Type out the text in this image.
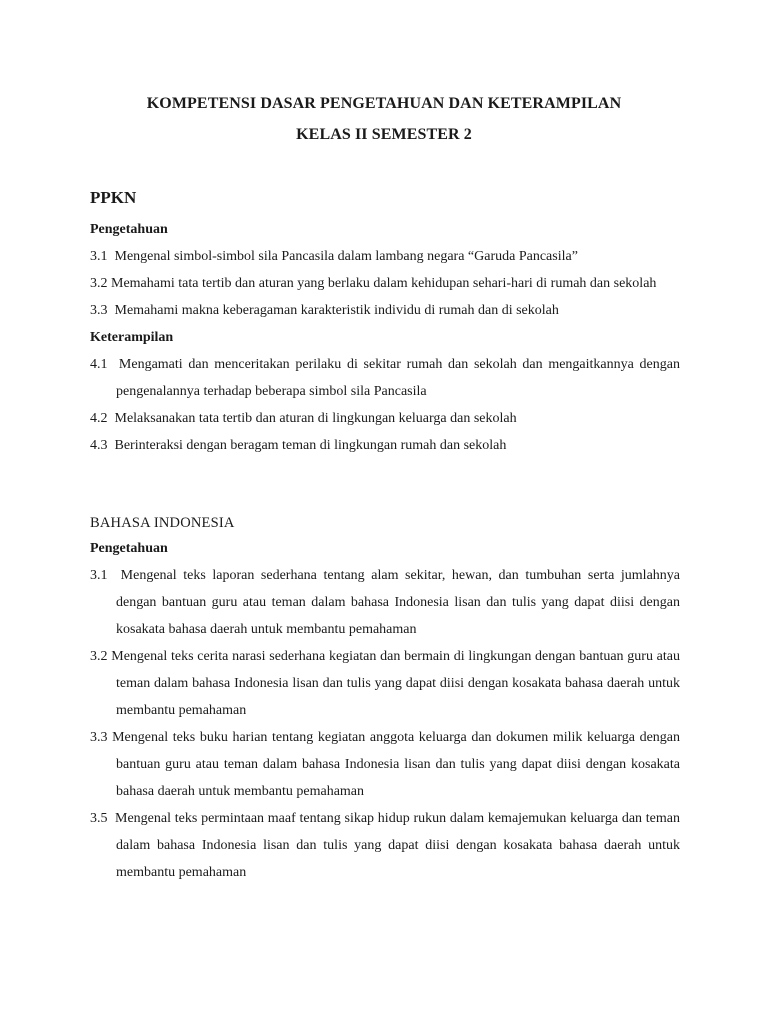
KOMPETENSI DASAR PENGETAHUAN DAN KETERAMPILAN
KELAS II SEMESTER 2
PPKN
Pengetahuan

3.1 Mengenal simbol-simbol sila Pancasila dalam lambang negara “Garuda Pancasila”

3.2 Memahami tata tertib dan aturan yang berlaku dalam kehidupan sehari-hari di rumah dan sekolah

3.3 Memahami makna keberagaman karakteristik individu di rumah dan di sekolah

Keterampilan

4.1 Mengamati dan menceritakan perilaku di sekitar rumah dan sekolah dan mengaitkannya dengan pengenalannya terhadap beberapa simbol sila Pancasila

4.2 Melaksanakan tata tertib dan aturan di lingkungan keluarga dan sekolah

4.3 Berinteraksi dengan beragam teman di lingkungan rumah dan sekolah

BAHASA INDONESIA
Pengetahuan

3.1 Mengenal teks laporan sederhana tentang alam sekitar, hewan, dan tumbuhan serta jumlahnya dengan bantuan guru atau teman dalam bahasa Indonesia lisan dan tulis yang dapat diisi dengan kosakata bahasa daerah untuk membantu pemahaman

3.2 Mengenal teks cerita narasi sederhana kegiatan dan bermain di lingkungan dengan bantuan guru atau teman dalam bahasa Indonesia lisan dan tulis yang dapat diisi dengan kosakata bahasa daerah untuk membantu pemahaman

3.3 Mengenal teks buku harian tentang kegiatan anggota keluarga dan dokumen milik keluarga dengan bantuan guru atau teman dalam bahasa Indonesia lisan dan tulis yang dapat diisi dengan kosakata bahasa daerah untuk membantu pemahaman

3.5 Mengenal teks permintaan maaf tentang sikap hidup rukun dalam kemajemukan keluarga dan teman dalam bahasa Indonesia lisan dan tulis yang dapat diisi dengan kosakata bahasa daerah untuk membantu pemahaman
